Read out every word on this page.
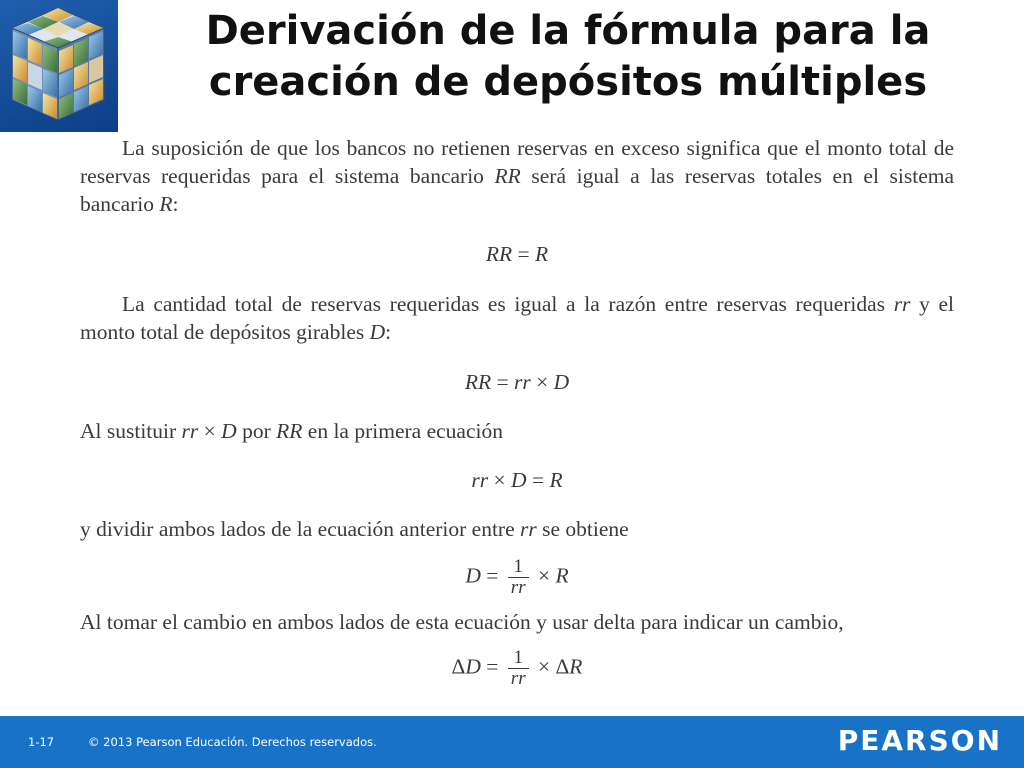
Derivación de la fórmula para la
creación de depósitos múltiples

La suposición de que los bancos no retienen reservas en exceso significa que el monto total de reservas requeridas para el sistema bancario RR será igual a las reservas totales en el sistema bancario R:

RR = R

La cantidad total de reservas requeridas es igual a la razón entre reservas requeridas rr y el monto total de depósitos girables D:

RR = rr × D

Al sustituir rr × D por RR en la primera ecuación

rr × D = R

y dividir ambos lados de la ecuación anterior entre rr se obtiene

$D = \frac{1}{rr} \times R$

Al tomar el cambio en ambos lados de esta ecuación y usar delta para indicar un cambio,

$\Delta D = \frac{1}{rr} \times \Delta R$

1-17	© 2013 Pearson Educación. Derechos reservados.	PEARSON
